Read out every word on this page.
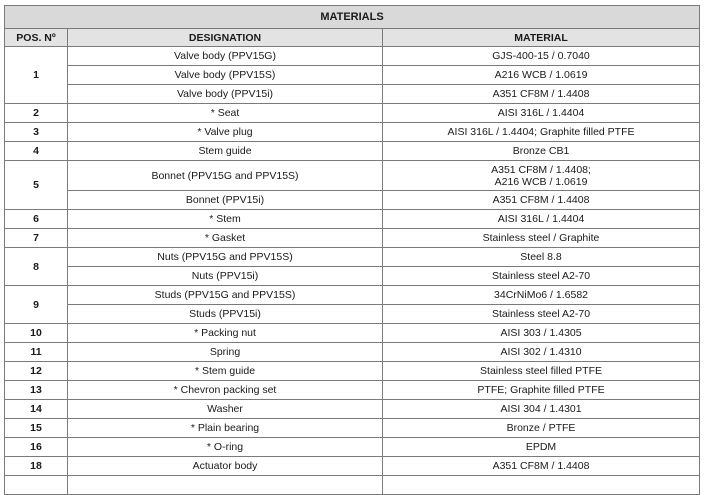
MATERIALS		
POS. Nº	DESIGNATION	MATERIAL
1	Valve body (PPV15G)	GJS-400-15 / 0.7040
	Valve body (PPV15S)	A216 WCB / 1.0619
	Valve body (PPV15i)	A351 CF8M / 1.4408
2	* Seat	AISI 316L / 1.4404
3	* Valve plug	AISI 316L / 1.4404; Graphite filled PTFE
4	Stem guide	Bronze CB1
5	Bonnet (PPV15G and PPV15S)	A351 CF8M / 1.4408;
A216 WCB / 1.0619

	Bonnet (PPV15i)	A351 CF8M / 1.4408
6	* Stem	AISI 316L / 1.4404
7	* Gasket	Stainless steel / Graphite
8	Nuts (PPV15G and PPV15S)	Steel 8.8
	Nuts (PPV15i)	Stainless steel A2-70
9	Studs (PPV15G and PPV15S)	34CrNiMo6 / 1.6582
	Studs (PPV15i)	Stainless steel A2-70
10	* Packing nut	AISI 303 / 1.4305
11	Spring	AISI 302 / 1.4310
12	* Stem guide	Stainless steel filled PTFE
13	* Chevron packing set	PTFE; Graphite filled PTFE
14	Washer	AISI 304 / 1.4301
15	* Plain bearing	Bronze / PTFE
16	* O-ring	EPDM
18	Actuator body	A351 CF8M / 1.4408
